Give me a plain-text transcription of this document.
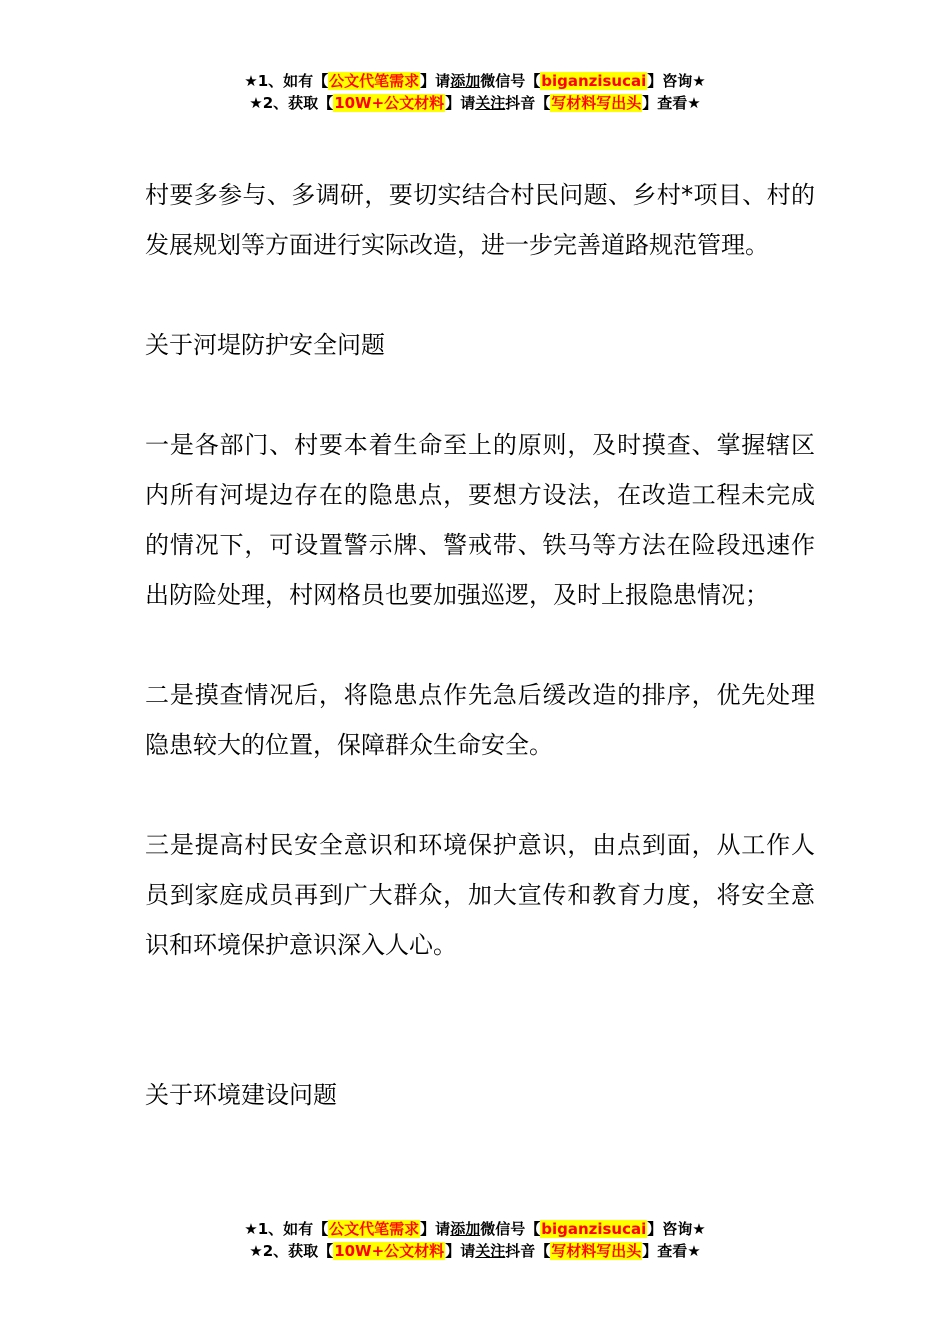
★1、如有【公文代笔需求】请添加微信号【biganzisucai】咨询★
★2、获取【10W+公文材料】请关注抖音【写材料写出头】查看★

村要多参与、多调研，要切实结合村民问题、乡村*项目、村的发展规划等方面进行实际改造，进一步完善道路规范管理。

关于河堤防护安全问题

一是各部门、村要本着生命至上的原则，及时摸查、掌握辖区内所有河堤边存在的隐患点，要想方设法，在改造工程未完成的情况下，可设置警示牌、警戒带、铁马等方法在险段迅速作出防险处理，村网格员也要加强巡逻，及时上报隐患情况；

二是摸查情况后，将隐患点作先急后缓改造的排序，优先处理隐患较大的位置，保障群众生命安全。

三是提高村民安全意识和环境保护意识，由点到面，从工作人员到家庭成员再到广大群众，加大宣传和教育力度，将安全意识和环境保护意识深入人心。

关于环境建设问题

★1、如有【公文代笔需求】请添加微信号【biganzisucai】咨询★
★2、获取【10W+公文材料】请关注抖音【写材料写出头】查看★
